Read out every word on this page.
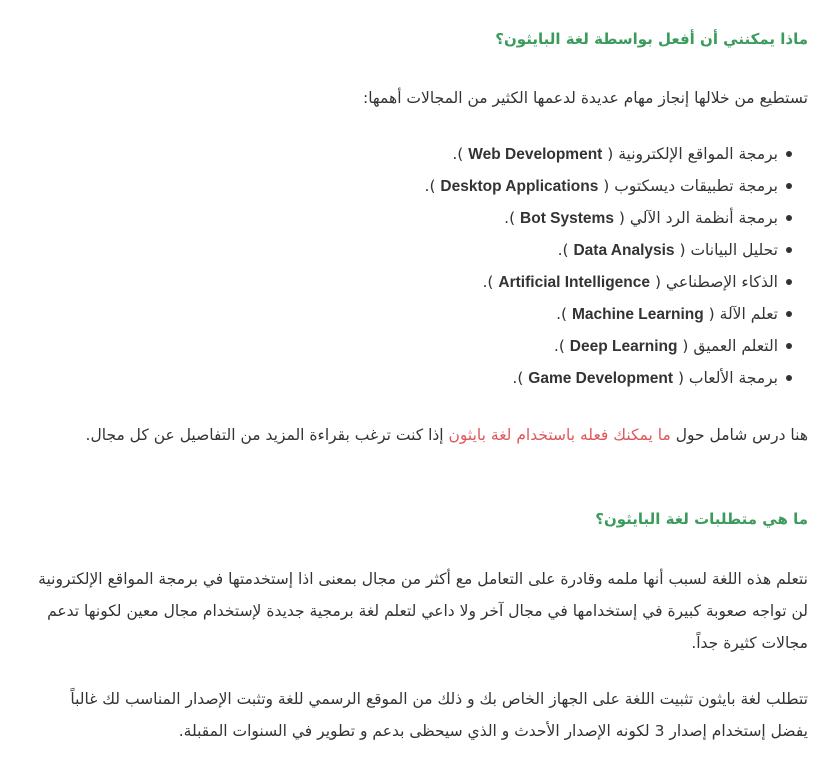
ماذا يمكنني أن أفعل بواسطة لغة البايثون؟

تستطيع من خلالها إنجاز مهام عديدة لدعمها الكثير من المجالات أهمها:

برمجة المواقع الإلكترونية ( Web Development ).
برمجة تطبيقات ديسكتوب ( Desktop Applications ).
برمجة أنظمة الرد الآلي ( Bot Systems ).
تحليل البيانات ( Data Analysis ).
الذكاء الإصطناعي ( Artificial Intelligence ).
تعلم الآلة ( Machine Learning ).
التعلم العميق ( Deep Learning ).
برمجة الألعاب ( Game Development ).

هنا درس شامل حول ما يمكنك فعله باستخدام لغة بايثون إذا كنت ترغب بقراءة المزيد من التفاصيل عن كل مجال.

ما هي متطلبات لغة البايثون؟

نتعلم هذه اللغة لسبب أنها ملمه وقادرة على التعامل مع أكثر من مجال بمعنى اذا إستخدمتها في برمجة المواقع الإلكترونية لن تواجه صعوبة كبيرة في إستخدامها في مجال آخر ولا داعي لتعلم لغة برمجية جديدة لإستخدام مجال معين لكونها تدعم مجالات كثيرة جداً.

تتطلب لغة بايثون تثبيت اللغة على الجهاز الخاص بك و ذلك من الموقع الرسمي للغة وتثبت الإصدار المناسب لك غالباً يفضل إستخدام إصدار 3 لكونه الإصدار الأحدث و الذي سيحظى بدعم و تطوير في السنوات المقبلة.
